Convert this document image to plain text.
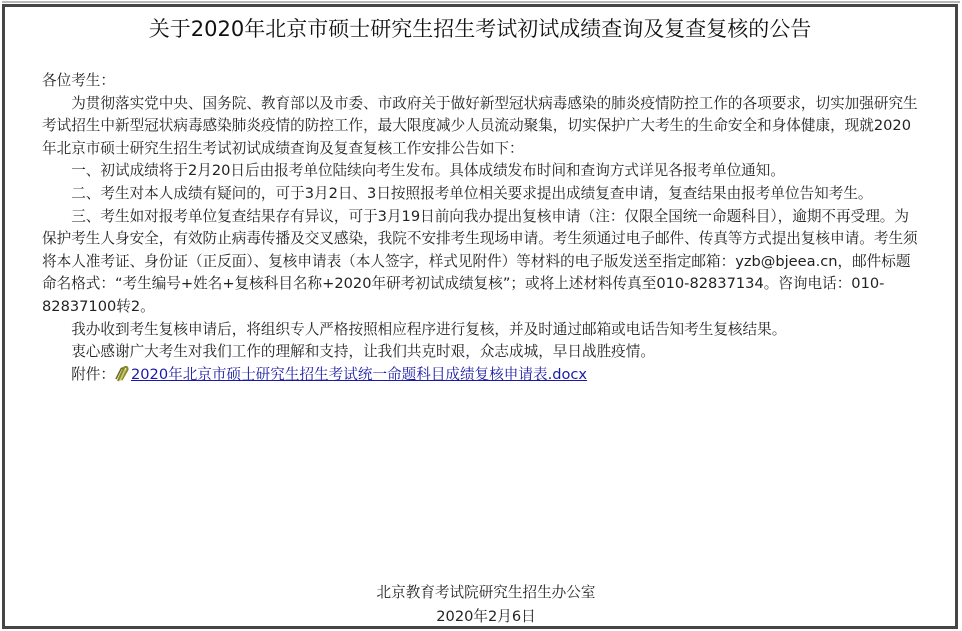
关于2020年北京市硕士研究生招生考试初试成绩查询及复查复核的公告

各位考生：

为贯彻落实党中央、国务院、教育部以及市委、市政府关于做好新型冠状病毒感染的肺炎疫情防控工作的各项要求，切实加强研究生考试招生中新型冠状病毒感染肺炎疫情的防控工作，最大限度减少人员流动聚集，切实保护广大考生的生命安全和身体健康，现就2020年北京市硕士研究生招生考试初试成绩查询及复查复核工作安排公告如下：

一、初试成绩将于2月20日后由报考单位陆续向考生发布。具体成绩发布时间和查询方式详见各报考单位通知。

二、考生对本人成绩有疑问的，可于3月2日、3日按照报考单位相关要求提出成绩复查申请，复查结果由报考单位告知考生。

三、考生如对报考单位复查结果存有异议，可于3月19日前向我办提出复核申请（注：仅限全国统一命题科目），逾期不再受理。为保护考生人身安全，有效防止病毒传播及交叉感染，我院不安排考生现场申请。考生须通过电子邮件、传真等方式提出复核申请。考生须将本人准考证、身份证（正反面）、复核申请表（本人签字，样式见附件）等材料的电子版发送至指定邮箱：yzb@bjeea.cn，邮件标题命名格式：“考生编号+姓名+复核科目名称+2020年研考初试成绩复核”；或将上述材料传真至010-82837134。咨询电话：010-82837100转2。

我办收到考生复核申请后，将组织专人严格按照相应程序进行复核，并及时通过邮箱或电话告知考生复核结果。

衷心感谢广大考生对我们工作的理解和支持，让我们共克时艰，众志成城，早日战胜疫情。

附件： 2020年北京市硕士研究生招生考试统一命题科目成绩复核申请表.docx

北京教育考试院研究生招生办公室
2020年2月6日
